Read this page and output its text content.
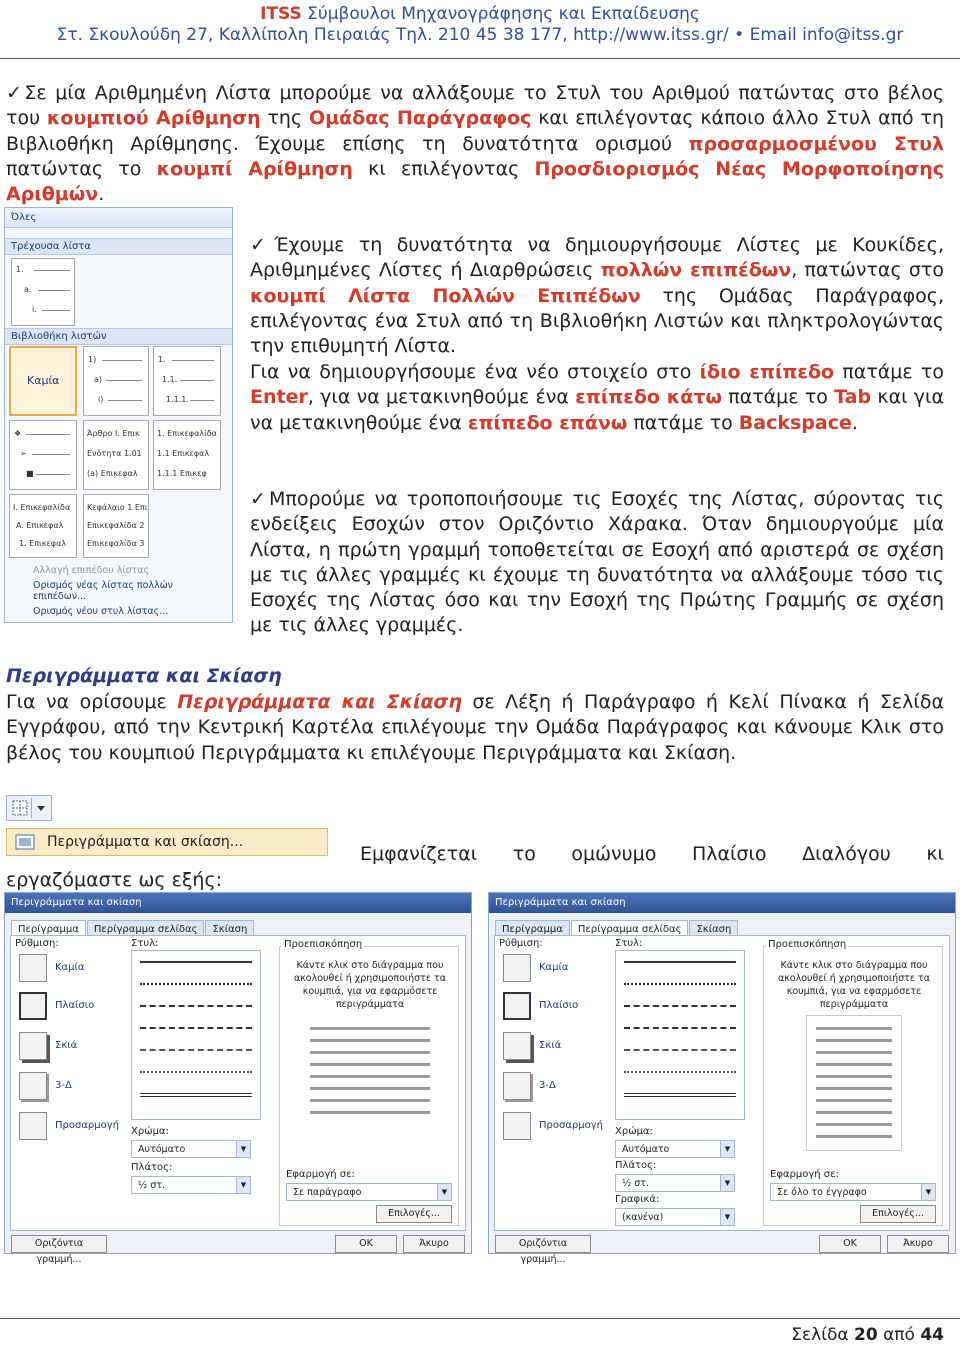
ITSS Σύμβουλοι Μηχανογράφησης και Εκπαίδευσης
Στ. Σκουλούδη 27, Καλλίπολη Πειραιάς Τηλ. 210 45 38 177, http://www.itss.gr/ • Email info@itss.gr
✓Σε μία Αριθμημένη Λίστα μπορούμε να αλλάξουμε το Στυλ του Αριθμού πατώντας στο βέλος του κουμπιού Αρίθμηση της Ομάδας Παράγραφος και επιλέγοντας κάποιο άλλο Στυλ από τη Βιβλιοθήκη Αρίθμησης. Έχουμε επίσης τη δυνατότητα ορισμού προσαρμοσμένου Στυλ πατώντας το κουμπί Αρίθμηση κι επιλέγοντας Προσδιορισμός Νέας Μορφοποίησης Αριθμών.
Όλες
Τρέχουσα λίστα
1.
a.
i.
Βιβλιοθήκη λιστών
Καμία
1)
a)
i)
1.
1.1.
1.1.1.
❖
➢
■
Άρθρο I. Επικ
Ενότητα 1.01
(a) Επικεφαλ
1. Επικεφαλίδα
1.1 Επικεφαλ
1.1.1 Επικεφ
I. Επικεφαλίδα
A. Επικεφαλ
1. Επικεφαλ
Κεφάλαιο 1 Επι
Επικεφαλίδα 2
Επικεφαλίδα 3
Αλλαγή επιπέδου λίστας
Ορισμός νέας λίστας πολλών επιπέδων...
Ορισμός νέου στυλ λίστας...
✓Έχουμε τη δυνατότητα να δημιουργήσουμε Λίστες με Κουκίδες, Αριθμημένες Λίστες ή Διαρθρώσεις πολλών επιπέδων, πατώντας στο κουμπί Λίστα Πολλών Επιπέδων της Ομάδας Παράγραφος, επιλέγοντας ένα Στυλ από τη Βιβλιοθήκη Λιστών και πληκτρολογώντας την επιθυμητή Λίστα.
Για να δημιουργήσουμε ένα νέο στοιχείο στο ίδιο επίπεδο πατάμε το Enter, για να μετακινηθούμε ένα επίπεδο κάτω πατάμε το Tab και για να μετακινηθούμε ένα επίπεδο επάνω πατάμε το Backspace.
✓Μπορούμε να τροποποιήσουμε τις Εσοχές της Λίστας, σύροντας τις ενδείξεις Εσοχών στον Οριζόντιο Χάρακα. Όταν δημιουργούμε μία Λίστα, η πρώτη γραμμή τοποθετείται σε Εσοχή από αριστερά σε σχέση με τις άλλες γραμμές κι έχουμε τη δυνατότητα να αλλάξουμε τόσο τις Εσοχές της Λίστας όσο και την Εσοχή της Πρώτης Γραμμής σε σχέση με τις άλλες γραμμές.
Περιγράμματα και Σκίαση
Για να ορίσουμε Περιγράμματα και Σκίαση σε Λέξη ή Παράγραφο ή Κελί Πίνακα ή Σελίδα Εγγράφου, από την Κεντρική Καρτέλα επιλέγουμε την Ομάδα Παράγραφος και κάνουμε Κλικ στο βέλος του κουμπιού Περιγράμματα κι επιλέγουμε Περιγράμματα και Σκίαση.
Περιγράμματα και σκίαση...
Εμφανίζεται το ομώνυμο Πλαίσιο Διαλόγου κι
εργαζόμαστε ως εξής:
Περιγράμματα και σκίαση
Περίγραμμα Περίγραμμα σελίδας Σκίαση
Ρύθμιση:
Καμία
Πλαίσιο
Σκιά
3-Δ
Προσαρμογή
Στυλ:
Χρώμα:
Αυτόματο	▼
Πλάτος:
½ στ.	▼
Προεπισκόπηση
Κάντε κλικ στο διάγραμμα που ακολουθεί ή χρησιμοποιήστε τα κουμπιά, για να εφαρμόσετε περιγράμματα
Εφαρμογή σε:
Σε παράγραφο	▼
Επιλογές...
Οριζόντια γραμμή...
OK	Άκυρο
Περιγράμματα και σκίαση
Περίγραμμα Περίγραμμα σελίδας Σκίαση
Ρύθμιση:
Καμία
Πλαίσιο
Σκιά
3-Δ
Προσαρμογή
Στυλ:
Χρώμα:
Αυτόματο	▼
Πλάτος:
½ στ.	▼
Γραφικά:
(κανένα)	▼
Προεπισκόπηση
Κάντε κλικ στο διάγραμμα που ακολουθεί ή χρησιμοποιήστε τα κουμπιά, για να εφαρμόσετε περιγράμματα
Εφαρμογή σε:
Σε όλο το έγγραφο	▼
Επιλογές...
Οριζόντια γραμμή...
OK	Άκυρο
Σελίδα 20 από 44
